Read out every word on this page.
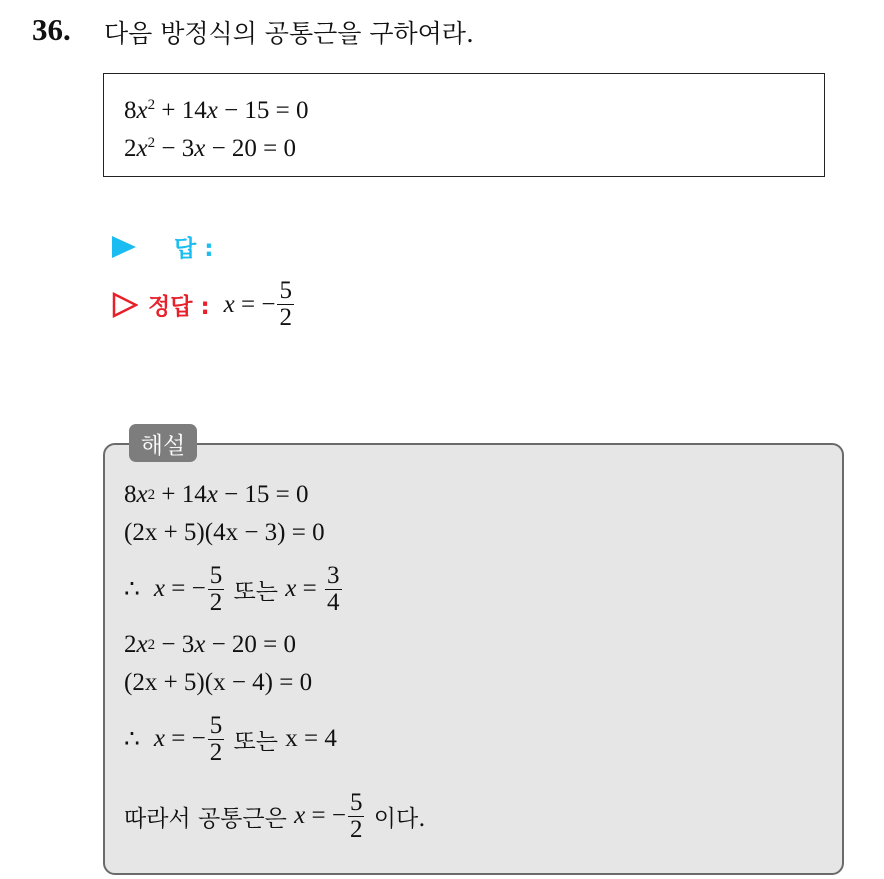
36. 다음 방정식의 공통근을 구하여라.
$8x^2 + 14x - 15 = 0$
$2x^2 - 3x - 20 = 0$
답 :
정답 : x = − $\frac{5}{2}$
해설
8 x 2 + 14 x − 15 = 0
(2x + 5)(4x − 3) = 0
∴ x = − $\frac{5}{2}$ 또는 $x = \frac{3}{4}$
2 x 2 − 3 x − 20 = 0
(2x + 5)(x − 4) = 0
∴ x = − $\frac{5}{2}$ 또는 x = 4
따라서 공통근은 x = − $\frac{5}{2}$ 이다.
